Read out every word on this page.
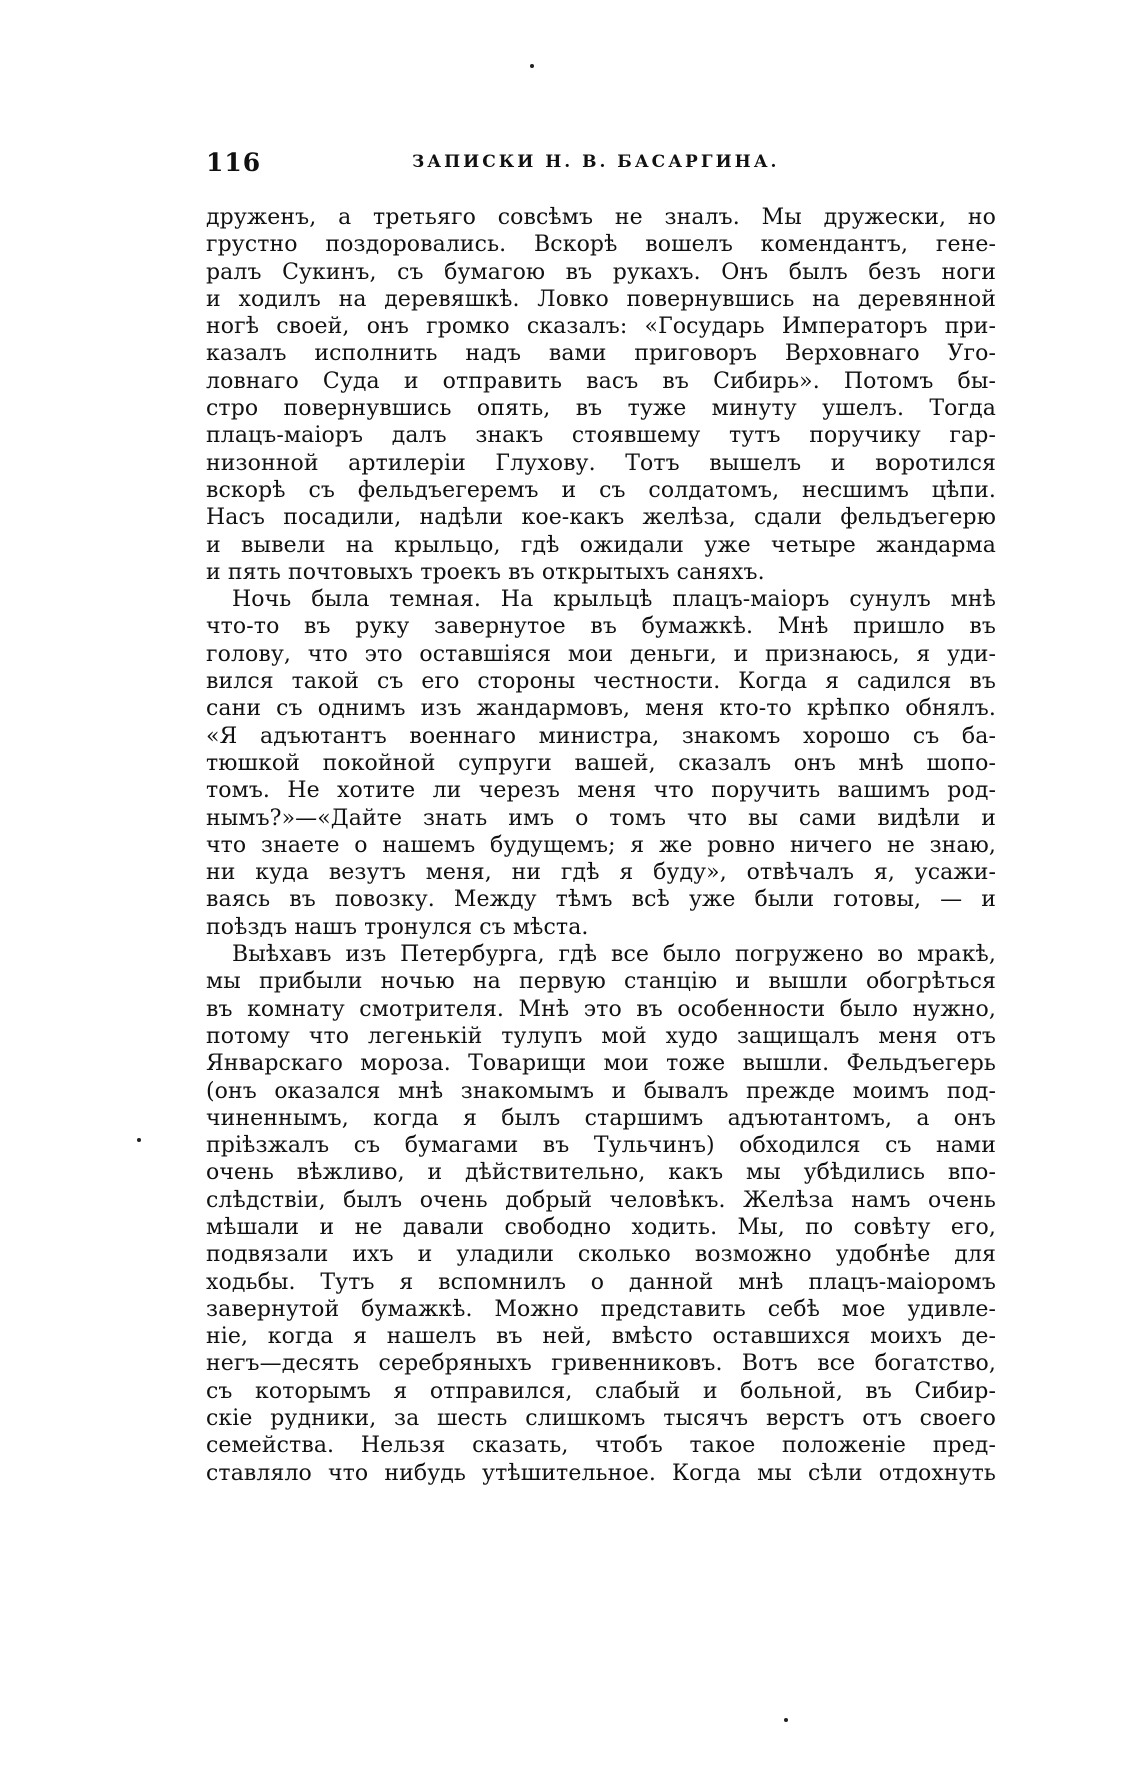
116	ЗАПИСКИ Н. В. БАСАРГИНА.
друженъ, а третьяго совсѣмъ не зналъ. Мы дружески, но
грустно поздоровались. Вскорѣ вошелъ комендантъ, гене-
ралъ Сукинъ, съ бумагою въ рукахъ. Онъ былъ безъ ноги
и ходилъ на деревяшкѣ. Ловко повернувшись на деревянной
ногѣ своей, онъ громко сказалъ: «Государь Императоръ при-
казалъ исполнить надъ вами приговоръ Верховнаго Уго-
ловнаго Суда и отправить васъ въ Сибирь». Потомъ бы-
стро повернувшись опять, въ туже минуту ушелъ. Тогда
плацъ-маіоръ далъ знакъ стоявшему тутъ поручику гар-
низонной артилеріи Глухову. Тотъ вышелъ и воротился
вскорѣ съ фельдъегеремъ и съ солдатомъ, несшимъ цѣпи.
Насъ посадили, надѣли кое-какъ желѣза, сдали фельдъегерю
и вывели на крыльцо, гдѣ ожидали уже четыре жандарма
и пять почтовыхъ троекъ въ открытыхъ саняхъ.
Ночь была темная. На крыльцѣ плацъ-маіоръ сунулъ мнѣ
что-то въ руку завернутое въ бумажкѣ. Мнѣ пришло въ
голову, что это оставшіяся мои деньги, и признаюсь, я уди-
вился такой съ его стороны честности. Когда я садился въ
сани съ однимъ изъ жандармовъ, меня кто-то крѣпко обнялъ.
«Я адъютантъ военнаго министра, знакомъ хорошо съ ба-
тюшкой покойной супруги вашей, сказалъ онъ мнѣ шопо-
томъ. Не хотите ли черезъ меня что поручить вашимъ род-
нымъ?»—«Дайте знать имъ о томъ что вы сами видѣли и
что знаете о нашемъ будущемъ; я же ровно ничего не знаю,
ни куда везутъ меня, ни гдѣ я буду», отвѣчалъ я, усажи-
ваясь въ повозку. Между тѣмъ всѣ уже были готовы, — и
поѣздъ нашъ тронулся съ мѣста.
Выѣхавъ изъ Петербурга, гдѣ все было погружено во мракѣ,
мы прибыли ночью на первую станцію и вышли обогрѣться
въ комнату смотрителя. Мнѣ это въ особенности было нужно,
потому что легенькій тулупъ мой худо защищалъ меня отъ
Январскаго мороза. Товарищи мои тоже вышли. Фельдъегерь
(онъ оказался мнѣ знакомымъ и бывалъ прежде моимъ под-
чиненнымъ, когда я былъ старшимъ адъютантомъ, а онъ
пріѣзжалъ съ бумагами въ Тульчинъ) обходился съ нами
очень вѣжливо, и дѣйствительно, какъ мы убѣдились впо-
слѣдствіи, былъ очень добрый человѣкъ. Желѣза намъ очень
мѣшали и не давали свободно ходить. Мы, по совѣту его,
подвязали ихъ и уладили сколько возможно удобнѣе для
ходьбы. Тутъ я вспомнилъ о данной мнѣ плацъ-маіоромъ
завернутой бумажкѣ. Можно представить себѣ мое удивле-
ніе, когда я нашелъ въ ней, вмѣсто оставшихся моихъ де-
негъ—десять серебряныхъ гривенниковъ. Вотъ все богатство,
съ которымъ я отправился, слабый и больной, въ Сибир-
скіе рудники, за шесть слишкомъ тысячъ верстъ отъ своего
семейства. Нельзя сказать, чтобъ такое положеніе пред-
ставляло что нибудь утѣшительное. Когда мы сѣли отдохнуть
